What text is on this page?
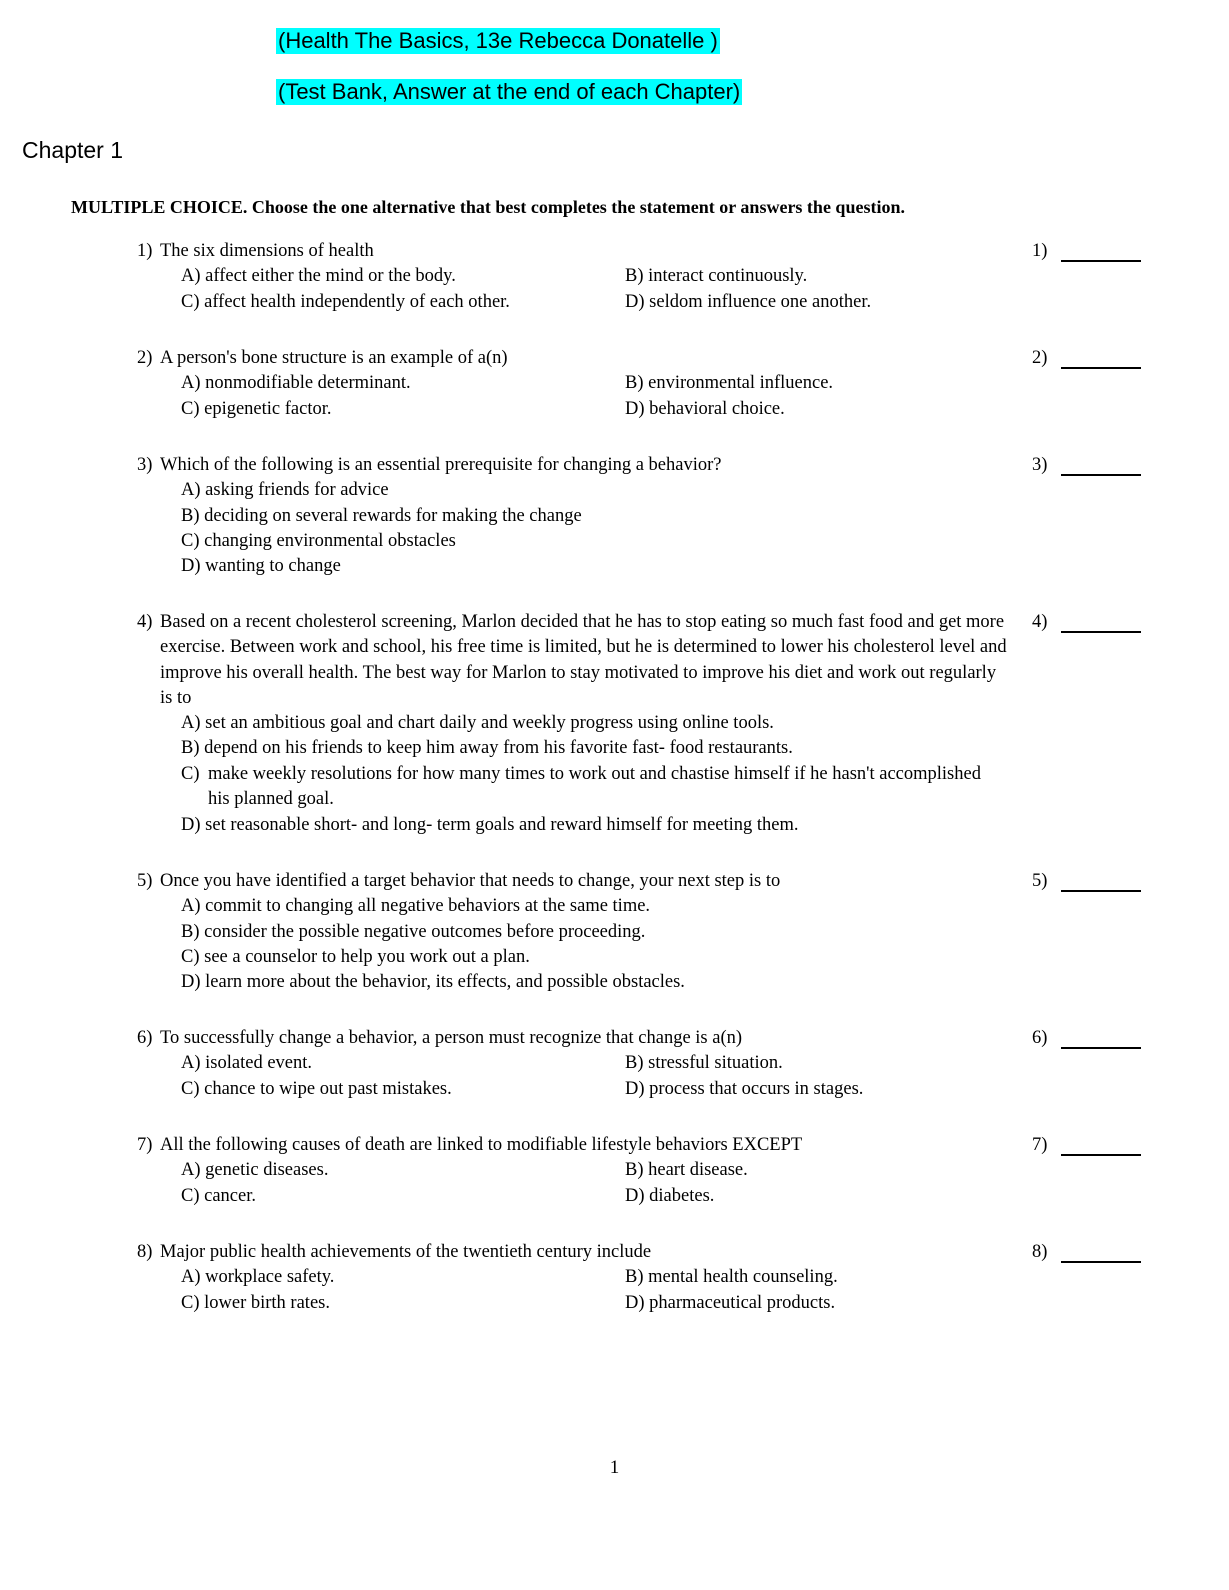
(Health The Basics, 13e Rebecca Donatelle )
(Test Bank, Answer at the end of each Chapter)
Chapter 1
MULTIPLE CHOICE. Choose the one alternative that best completes the statement or answers the question.
1) The six dimensions of health	1)
A) affect either the mind or the body.	B) interact continuously.
C) affect health independently of each other.	D) seldom influence one another.
2) A person's bone structure is an example of a(n)	2)
A) nonmodifiable determinant.	B) environmental influence.
C) epigenetic factor.	D) behavioral choice.
3) Which of the following is an essential prerequisite for changing a behavior?	3)
A) asking friends for advice
B) deciding on several rewards for making the change
C) changing environmental obstacles
D) wanting to change
4) Based on a recent cholesterol screening, Marlon decided that he has to stop eating so much fast food and get more exercise. Between work and school, his free time is limited, but he is determined to lower his cholesterol level and improve his overall health. The best way for Marlon to stay motivated to improve his diet and work out regularly is to
4)
A) set an ambitious goal and chart daily and weekly progress using online tools.
B) depend on his friends to keep him away from his favorite fast- food restaurants.
C) make weekly resolutions for how many times to work out and chastise himself if he hasn't accomplished his planned goal.
D) set reasonable short- and long- term goals and reward himself for meeting them.
5) Once you have identified a target behavior that needs to change, your next step is to	5)
A) commit to changing all negative behaviors at the same time.
B) consider the possible negative outcomes before proceeding.
C) see a counselor to help you work out a plan.
D) learn more about the behavior, its effects, and possible obstacles.
6) To successfully change a behavior, a person must recognize that change is a(n)	6)
A) isolated event.	B) stressful situation.
C) chance to wipe out past mistakes.	D) process that occurs in stages.
7) All the following causes of death are linked to modifiable lifestyle behaviors EXCEPT	7)
A) genetic diseases.	B) heart disease.
C) cancer.	D) diabetes.
8) Major public health achievements of the twentieth century include	8)
A) workplace safety.	B) mental health counseling.
C) lower birth rates.	D) pharmaceutical products.
1
